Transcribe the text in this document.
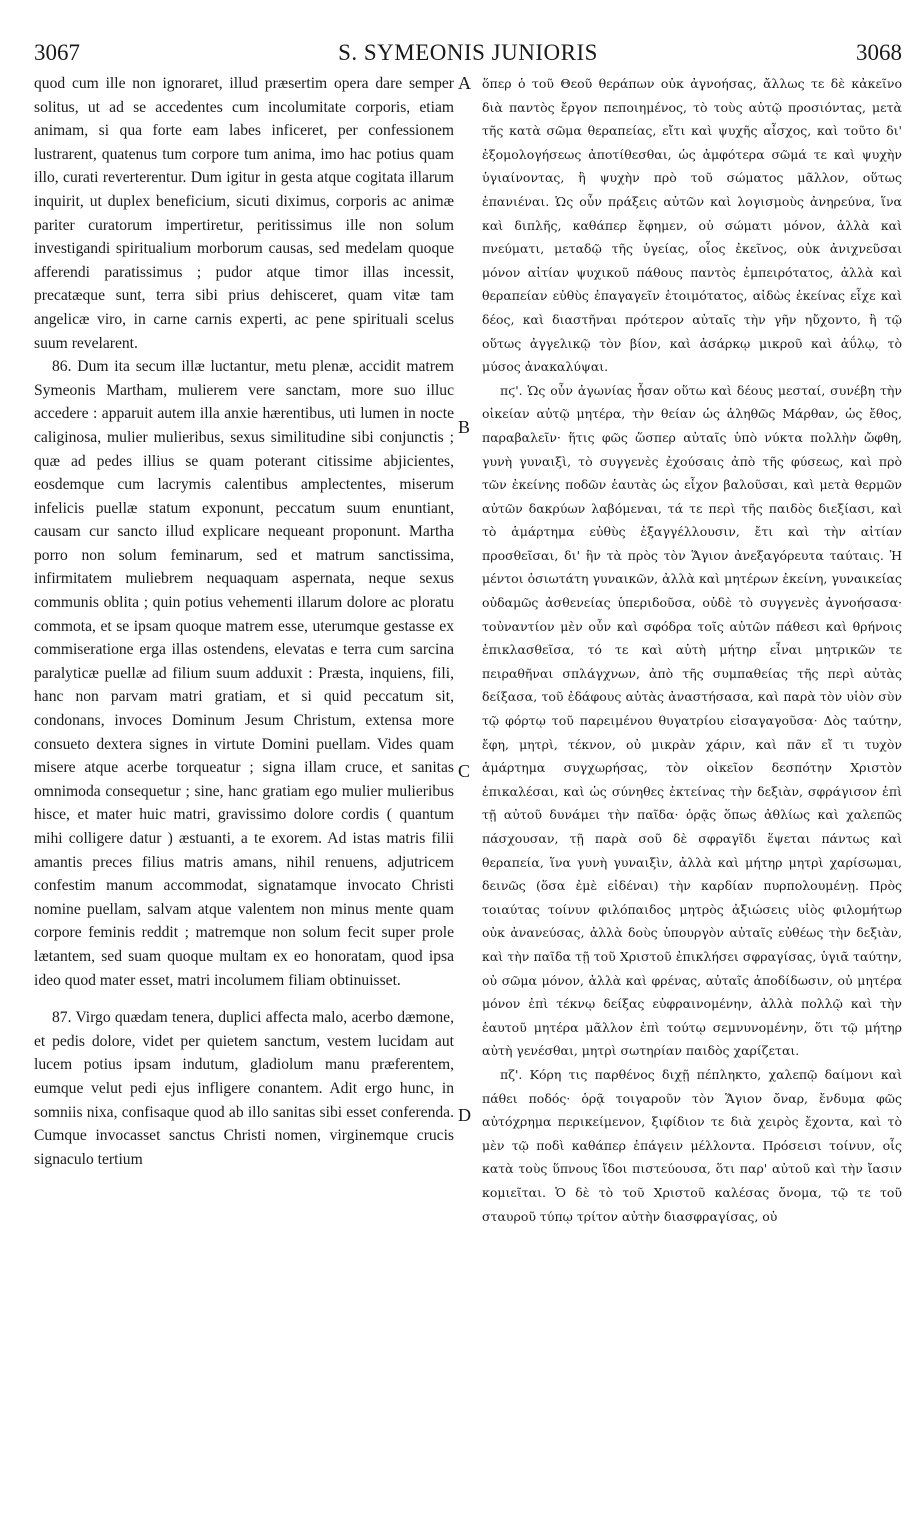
3067	S. SYMEONIS JUNIORIS	3068

quod cum ille non ignoraret, illud præsertim opera dare semper solitus, ut ad se accedentes cum incolumitate corporis, etiam animam, si qua forte eam labes inficeret, per confessionem lustrarent, quatenus tum corpore tum anima, imo hac potius quam illo, curati reverterentur. Dum igitur in gesta atque cogitata illarum inquirit, ut duplex beneficium, sicuti diximus, corporis ac animæ pariter curatorum impertiretur, peritissimus ille non solum investigandi spiritualium morborum causas, sed medelam quoque afferendi paratissimus ; pudor atque timor illas incessit, precatæque sunt, terra sibi prius dehisceret, quam vitæ tam angelicæ viro, in carne carnis experti, ac pene spirituali scelus suum revelarent.

86. Dum ita secum illæ luctantur, metu plenæ, accidit matrem Symeonis Martham, mulierem vere sanctam, more suo illuc accedere : apparuit autem illa anxie hærentibus, uti lumen in nocte caliginosa, mulier mulieribus, sexus similitudine sibi conjunctis ; quæ ad pedes illius se quam poterant citissime abjicientes, eosdemque cum lacrymis calentibus amplectentes, miserum infelicis puellæ statum exponunt, peccatum suum enuntiant, causam cur sancto illud explicare nequeant proponunt. Martha porro non solum feminarum, sed et matrum sanctissima, infirmitatem muliebrem nequaquam aspernata, neque sexus communis oblita ; quin potius vehementi illarum dolore ac ploratu commota, et se ipsam quoque matrem esse, uterumque gestasse ex commiseratione erga illas ostendens, elevatas e terra cum sarcina paralyticæ puellæ ad filium suum adduxit : Præsta, inquiens, fili, hanc non parvam matri gratiam, et si quid peccatum sit, condonans, invoces Dominum Jesum Christum, extensa more consueto dextera signes in virtute Domini puellam. Vides quam misere atque acerbe torqueatur ; signa illam cruce, et sanitas omnimoda consequetur ; sine, hanc gratiam ego mulier mulieribus hisce, et mater huic matri, gravissimo dolore cordis ( quantum mihi colligere datur ) æstuanti, a te exorem. Ad istas matris filii amantis preces filius matris amans, nihil renuens, adjutricem confestim manum accommodat, signatamque invocato Christi nomine puellam, salvam atque valentem non minus mente quam corpore feminis reddit ; matremque non solum fecit super prole lætantem, sed suam quoque multam ex eo honoratam, quod ipsa ideo quod mater esset, matri incolumem filiam obtinuisset.

87. Virgo quædam tenera, duplici affecta malo, acerbo dæmone, et pedis dolore, videt per quietem sanctum, vestem lucidam aut lucem potius ipsam indutum, gladiolum manu præferentem, eumque velut pedi ejus infligere conantem. Adit ergo hunc, in somniis nixa, confisaque quod ab illo sanitas sibi esset conferenda. Cumque invocasset sanctus Christi nomen, virginemque crucis signaculo tertium

A
B
C
D

ὅπερ ὁ τοῦ Θεοῦ θεράπων οὐκ ἀγνοήσας, ἄλλως τε δὲ κἀκεῖνο διὰ παντὸς ἔργον πεποιημένος, τὸ τοὺς αὐτῷ προσιόντας, μετὰ τῆς κατὰ σῶμα θεραπείας, εἴτι καὶ ψυχῆς αἶσχος, καὶ τοῦτο δι' ἐξομολογήσεως ἀποτίθεσθαι, ὡς ἀμφότερα σῶμά τε καὶ ψυχὴν ὑγιαίνοντας, ἢ ψυχὴν πρὸ τοῦ σώματος μᾶλλον, οὕτως ἐπανιέναι. Ὡς οὖν πράξεις αὐτῶν καὶ λογισμοὺς ἀνηρεύνα, ἵνα καὶ διπλῆς, καθάπερ ἔφημεν, οὐ σώματι μόνον, ἀλλὰ καὶ πνεύματι, μεταδῷ τῆς ὑγείας, οἷος ἐκεῖνος, οὐκ ἀνιχνεῦσαι μόνον αἰτίαν ψυχικοῦ πάθους παντὸς ἐμπειρότατος, ἀλλὰ καὶ θεραπείαν εὐθὺς ἐπαγαγεῖν ἑτοιμότατος, αἰδὼς ἐκείνας εἶχε καὶ δέος, καὶ διαστῆναι πρότερον αὐταῖς τὴν γῆν ηὔχοντο, ἢ τῷ οὕτως ἀγγελικῷ τὸν βίον, καὶ ἀσάρκῳ μικροῦ καὶ ἀΰλῳ, τὸ μύσος ἀνακαλύψαι.

πϛ'. Ὡς οὖν ἀγωνίας ἦσαν οὕτω καὶ δέους μεσταί, συνέβη τὴν οἰκείαν αὐτῷ μητέρα, τὴν θείαν ὡς ἀληθῶς Μάρθαν, ὡς ἔθος, παραβαλεῖν· ἥτις φῶς ὥσπερ αὐταῖς ὑπὸ νύκτα πολλὴν ὤφθη, γυνὴ γυναιξὶ, τὸ συγγενὲς ἐχούσαις ἀπὸ τῆς φύσεως, καὶ πρὸ τῶν ἐκείνης ποδῶν ἑαυτὰς ὡς εἶχον βαλοῦσαι, καὶ μετὰ θερμῶν αὐτῶν δακρύων λαβόμεναι, τά τε περὶ τῆς παιδὸς διεξίασι, καὶ τὸ ἁμάρτημα εὐθὺς ἐξαγγέλλουσιν, ἔτι καὶ τὴν αἰτίαν προσθεῖσαι, δι' ἣν τὰ πρὸς τὸν Ἅγιον ἀνεξαγόρευτα ταύταις. Ἡ μέντοι ὁσιωτάτη γυναικῶν, ἀλλὰ καὶ μητέρων ἐκείνη, γυναικείας οὐδαμῶς ἀσθενείας ὑπεριδοῦσα, οὐδὲ τὸ συγγενὲς ἀγνοήσασα· τοὐναντίον μὲν οὖν καὶ σφόδρα τοῖς αὐτῶν πάθεσι καὶ θρήνοις ἐπικλασθεῖσα, τό τε καὶ αὐτὴ μήτηρ εἶναι μητρικῶν τε πειραθῆναι σπλάγχνων, ἀπὸ τῆς συμπαθείας τῆς περὶ αὐτὰς δείξασα, τοῦ ἐδάφους αὐτὰς ἀναστήσασα, καὶ παρὰ τὸν υἱὸν σὺν τῷ φόρτῳ τοῦ παρειμένου θυγατρίου εἰσαγαγοῦσα· Δὸς ταύτην, ἔφη, μητρὶ, τέκνον, οὐ μικρὰν χάριν, καὶ πᾶν εἴ τι τυχὸν ἁμάρτημα συγχωρήσας, τὸν οἰκεῖον δεσπότην Χριστὸν ἐπικαλέσαι, καὶ ὡς σύνηθες ἐκτείνας τὴν δεξιὰν, σφράγισον ἐπὶ τῇ αὐτοῦ δυνάμει τὴν παῖδα· ὁρᾷς ὅπως ἀθλίως καὶ χαλεπῶς πάσχουσαν, τῇ παρὰ σοῦ δὲ σφραγῖδι ἕψεται πάντως καὶ θεραπεία, ἵνα γυνὴ γυναιξὶν, ἀλλὰ καὶ μήτηρ μητρὶ χαρίσωμαι, δεινῶς (ὅσα ἐμὲ εἰδέναι) τὴν καρδίαν πυρπολουμένῃ. Πρὸς τοιαύτας τοίνυν φιλόπαιδος μητρὸς ἀξιώσεις υἱὸς φιλομήτωρ οὐκ ἀνανεύσας, ἀλλὰ δοὺς ὑπουργὸν αὐταῖς εὐθέως τὴν δεξιὰν, καὶ τὴν παῖδα τῇ τοῦ Χριστοῦ ἐπικλήσει σφραγίσας, ὑγιᾶ ταύτην, οὐ σῶμα μόνον, ἀλλὰ καὶ φρένας, αὐταῖς ἀποδίδωσιν, οὐ μητέρα μόνον ἐπὶ τέκνῳ δείξας εὐφραινομένην, ἀλλὰ πολλῷ καὶ τὴν ἑαυτοῦ μητέρα μᾶλλον ἐπὶ τούτῳ σεμνυνομένην, ὅτι τῷ μήτηρ αὐτὴ γενέσθαι, μητρὶ σωτηρίαν παιδὸς χαρίζεται.

πζ'. Κόρη τις παρθένος διχῇ πέπληκτο, χαλεπῷ δαίμονι καὶ πάθει ποδός· ὁρᾷ τοιγαροῦν τὸν Ἅγιον ὄναρ, ἔνδυμα φῶς αὐτόχρημα περικείμενον, ξιφίδιον τε διὰ χειρὸς ἔχοντα, καὶ τὸ μὲν τῷ ποδὶ καθάπερ ἐπάγειν μέλλοντα. Πρόσεισι τοίνυν, οἷς κατὰ τοὺς ὕπνους ἴδοι πιστεύουσα, ὅτι παρ' αὐτοῦ καὶ τὴν ἴασιν κομιεῖται. Ὁ δὲ τὸ τοῦ Χριστοῦ καλέσας ὄνομα, τῷ τε τοῦ σταυροῦ τύπῳ τρίτον αὐτὴν διασφραγίσας, οὐ
